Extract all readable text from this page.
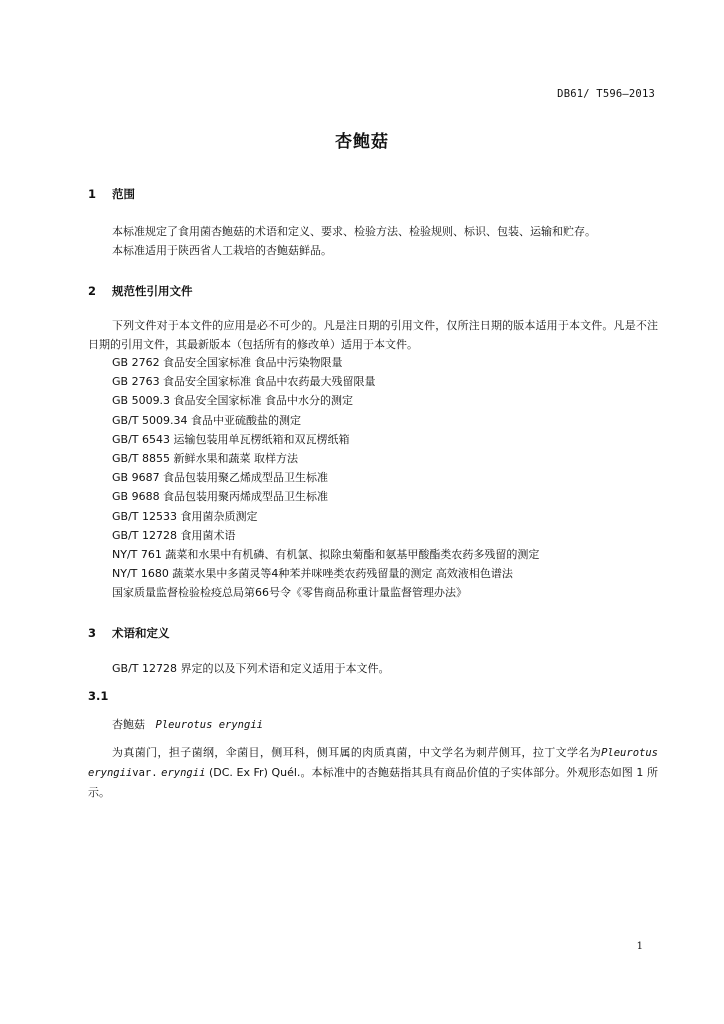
DB61/ T596—2013
杏鲍菇
1 范围
本标准规定了食用菌杏鲍菇的术语和定义、要求、检验方法、检验规则、标识、包装、运输和贮存。
本标准适用于陕西省人工栽培的杏鲍菇鲜品。
2 规范性引用文件
下列文件对于本文件的应用是必不可少的。凡是注日期的引用文件，仅所注日期的版本适用于本文件。凡是不注日期的引用文件，其最新版本（包括所有的修改单）适用于本文件。
GB 2762 食品安全国家标准 食品中污染物限量
GB 2763 食品安全国家标准 食品中农药最大残留限量
GB 5009.3 食品安全国家标准 食品中水分的测定
GB/T 5009.34 食品中亚硫酸盐的测定
GB/T 6543 运输包装用单瓦楞纸箱和双瓦楞纸箱
GB/T 8855 新鲜水果和蔬菜 取样方法
GB 9687 食品包装用聚乙烯成型品卫生标准
GB 9688 食品包装用聚丙烯成型品卫生标准
GB/T 12533 食用菌杂质测定
GB/T 12728 食用菌术语
NY/T 761 蔬菜和水果中有机磷、有机氯、拟除虫菊酯和氨基甲酸酯类农药多残留的测定
NY/T 1680 蔬菜水果中多菌灵等4种苯并咪唑类农药残留量的测定 高效液相色谱法
国家质量监督检验检疫总局第66号令《零售商品称重计量监督管理办法》
3 术语和定义
GB/T 12728 界定的以及下列术语和定义适用于本文件。
3.1
杏鲍菇 Pleurotus eryngii
为真菌门，担子菌纲，伞菌目，侧耳科，侧耳属的肉质真菌，中文学名为刺芹侧耳，拉丁文学名为Pleurotus eryngiivar. eryngii (DC. Ex Fr) Quél.。本标准中的杏鲍菇指其具有商品价值的子实体部分。外观形态如图 1 所示。
1
